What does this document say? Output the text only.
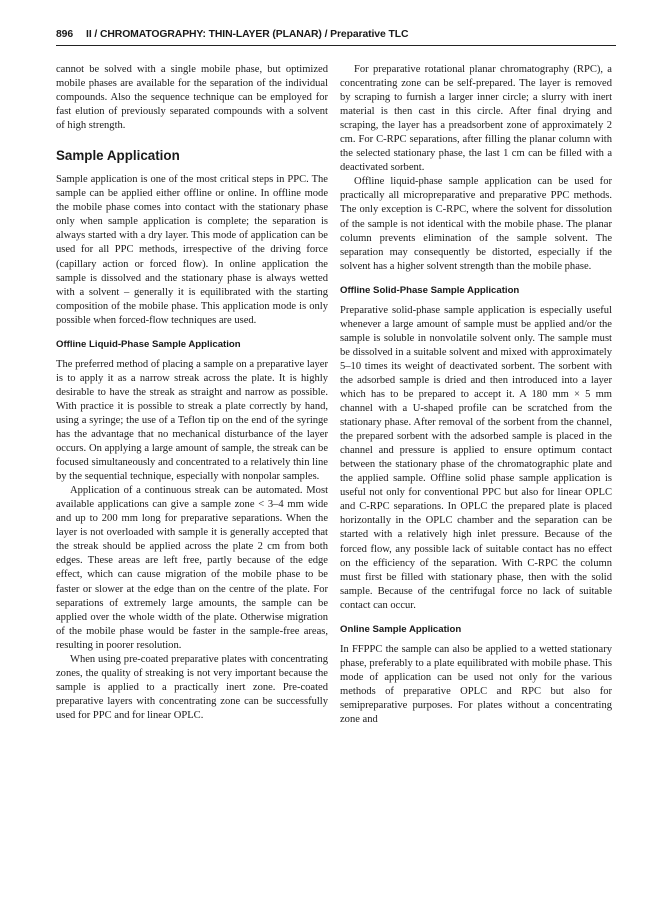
896 II / CHROMATOGRAPHY: THIN-LAYER (PLANAR) / Preparative TLC

cannot be solved with a single mobile phase, but optimized mobile phases are available for the separation of the individual compounds. Also the sequence technique can be employed for fast elution of previously separated compounds with a solvent of high strength.

Sample Application

Sample application is one of the most critical steps in PPC. The sample can be applied either offline or online. In offline mode the mobile phase comes into contact with the stationary phase only when sample application is complete; the separation is always started with a dry layer. This mode of application can be used for all PPC methods, irrespective of the driving force (capillary action or forced flow). In online application the sample is dissolved and the stationary phase is always wetted with a solvent – generally it is equilibrated with the starting composition of the mobile phase. This application mode is only possible when forced-flow techniques are used.

Offline Liquid-Phase Sample Application

The preferred method of placing a sample on a preparative layer is to apply it as a narrow streak across the plate. It is highly desirable to have the streak as straight and narrow as possible. With practice it is possible to streak a plate correctly by hand, using a syringe; the use of a Teflon tip on the end of the syringe has the advantage that no mechanical disturbance of the layer occurs. On applying a large amount of sample, the streak can be focused simultaneously and concentrated to a relatively thin line by the sequential technique, especially with nonpolar samples.

Application of a continuous streak can be automated. Most available applications can give a sample zone < 3–4 mm wide and up to 200 mm long for preparative separations. When the layer is not overloaded with sample it is generally accepted that the streak should be applied across the plate 2 cm from both edges. These areas are left free, partly because of the edge effect, which can cause migration of the mobile phase to be faster or slower at the edge than on the centre of the plate. For separations of extremely large amounts, the sample can be applied over the whole width of the plate. Otherwise migration of the mobile phase would be faster in the sample-free areas, resulting in poorer resolution.

When using pre-coated preparative plates with concentrating zones, the quality of streaking is not very important because the sample is applied to a practically inert zone. Pre-coated preparative layers with concentrating zone can be successfully used for PPC and for linear OPLC.

For preparative rotational planar chromatography (RPC), a concentrating zone can be self-prepared. The layer is removed by scraping to furnish a larger inner circle; a slurry with inert material is then cast in this circle. After final drying and scraping, the layer has a preadsorbent zone of approximately 2 cm. For C-RPC separations, after filling the planar column with the selected stationary phase, the last 1 cm can be filled with a deactivated sorbent.

Offline liquid-phase sample application can be used for practically all micropreparative and preparative PPC methods. The only exception is C-RPC, where the solvent for dissolution of the sample is not identical with the mobile phase. The planar column prevents elimination of the sample solvent. The separation may consequently be distorted, especially if the solvent has a higher solvent strength than the mobile phase.

Offline Solid-Phase Sample Application

Preparative solid-phase sample application is especially useful whenever a large amount of sample must be applied and/or the sample is soluble in nonvolatile solvent only. The sample must be dissolved in a suitable solvent and mixed with approximately 5–10 times its weight of deactivated sorbent. The sorbent with the adsorbed sample is dried and then introduced into a layer which has to be prepared to accept it. A 180 mm × 5 mm channel with a U-shaped profile can be scratched from the stationary phase. After removal of the sorbent from the channel, the prepared sorbent with the adsorbed sample is placed in the channel and pressure is applied to ensure optimum contact between the stationary phase of the chromatographic plate and the applied sample. Offline solid phase sample application is useful not only for conventional PPC but also for linear OPLC and C-RPC separations. In OPLC the prepared plate is placed horizontally in the OPLC chamber and the separation can be started with a relatively high inlet pressure. Because of the forced flow, any possible lack of suitable contact has no effect on the efficiency of the separation. With C-RPC the column must first be filled with stationary phase, then with the solid sample. Because of the centrifugal force no lack of suitable contact can occur.

Online Sample Application

In FFPPC the sample can also be applied to a wetted stationary phase, preferably to a plate equilibrated with mobile phase. This mode of application can be used not only for the various methods of preparative OPLC and RPC but also for semipreparative purposes. For plates without a concentrating zone and
